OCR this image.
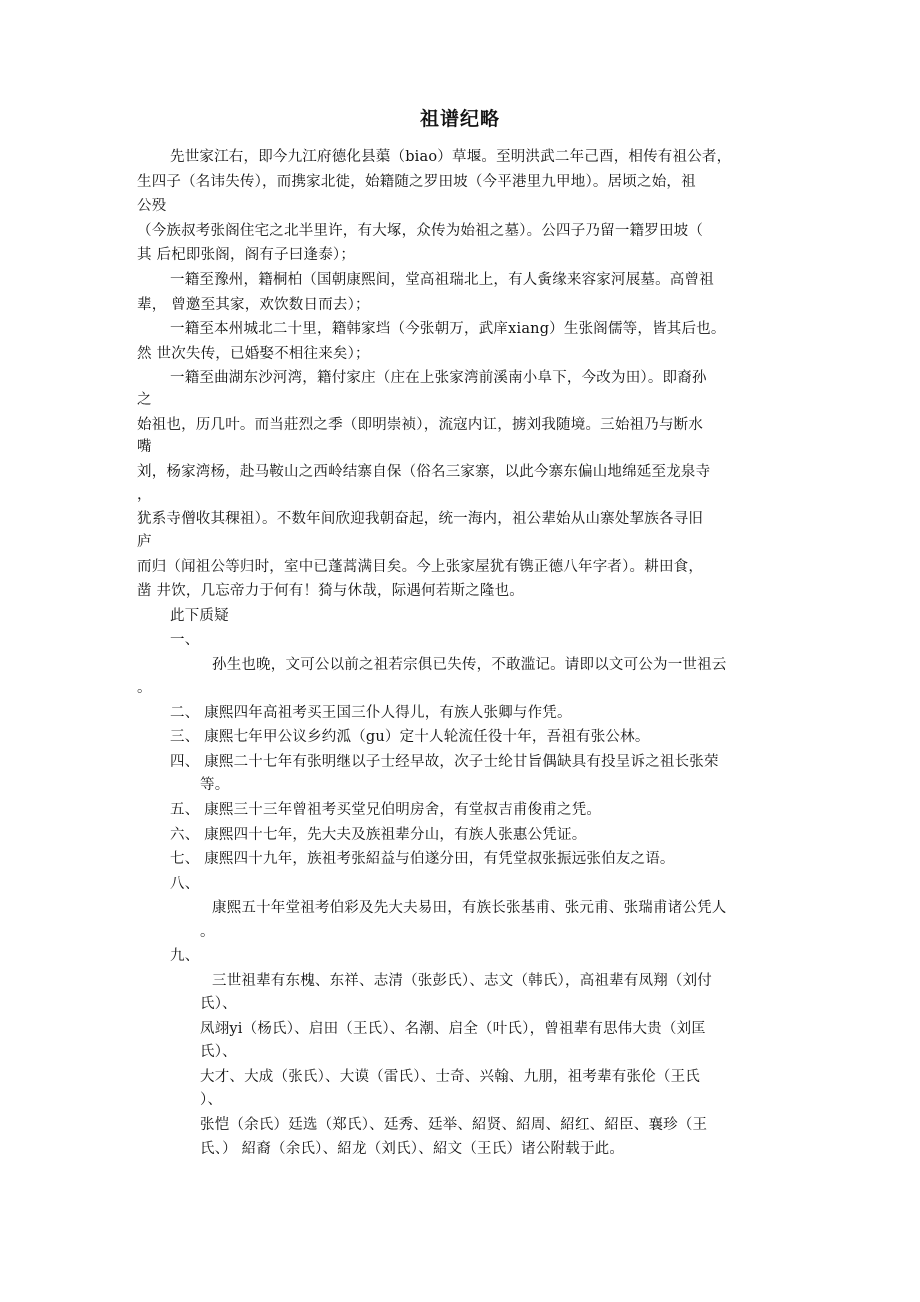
祖谱纪略
先世家江右，即今九江府德化县蕖（biao）草堰。至明洪武二年己酉，相传有祖公者，
生四子（名讳失传），而携家北徙，始籍随之罗田坡（今平港里九甲地）。居顷之始，祖
公殁
（今族叔考张阁住宅之北半里许，有大塚，众传为始祖之墓）。公四子乃留一籍罗田坡（
其 后杞即张阁，阁有子曰逢泰）；
一籍至豫州，籍桐柏（国朝康熙间，堂高祖瑞北上，有人夤缘来容家河展墓。高曾祖
辈， 曾邀至其家，欢饮数日而去）；
一籍至本州城北二十里，籍韩家垱（今张朝万，武庠xiang）生张阁儒等，皆其后也。
然 世次失传，已婚娶不相往来矣）；
一籍至曲湖东沙河湾，籍付家庄（庄在上张家湾前溪南小阜下，今改为田）。即裔孙
之
始祖也，历几叶。而当莊烈之季（即明崇祯），流寇内讧，掳刘我随境。三始祖乃与断水
嘴
刘，杨家湾杨，赴马鞍山之西岭结寨自保（俗名三家寨，以此今寨东偏山地绵延至龙泉寺
，
犹系寺僧收其稞祖）。不数年间欣迎我朝奋起，统一海内，祖公辈始从山寨处挈族各寻旧
庐
而归（闻祖公等归时，室中已蓬蒿满目矣。今上张家屋犹有镌正德八年字者）。耕田食，
凿 井饮，几忘帝力于何有！猗与休哉，际遇何若斯之隆也。
此下质疑
一、
孙生也晚，文可公以前之祖若宗俱已失传，不敢滥记。请即以文可公为一世祖云
。
二、 康熙四年高祖考买王国三仆人得儿，有族人张卿与作凭。
三、 康熙七年甲公议乡约泒（gu）定十人轮流任役十年，吾祖有张公林。
四、 康熙二十七年有张明继以子士经早故，次子士纶甘旨偶缺具有投呈诉之祖长张荣
等。
五、 康熙三十三年曾祖考买堂兄伯明房舍，有堂叔吉甫俊甫之凭。
六、 康熙四十七年，先大夫及族祖辈分山，有族人张惠公凭证。
七、 康熙四十九年，族祖考张紹益与伯遂分田，有凭堂叔张振远张伯友之语。
八、
康熙五十年堂祖考伯彩及先大夫易田，有族长张基甫、张元甫、张瑞甫诸公凭人
。
九、
三世祖辈有东槐、东祥、志清（张彭氏）、志文（韩氏），高祖辈有凤翔（刘付
氏）、
凤翊yi（杨氏）、启田（王氏）、名潮、启全（叶氏），曾祖辈有思伟大贵（刘匡
氏）、
大才、大成（张氏）、大谟（雷氏）、士奇、兴翰、九朋，祖考辈有张伦（王氏
）、
张恺（余氏）廷选（郑氏）、廷秀、廷举、紹贤、紹周、紹红、紹臣、襄珍（王
氏、） 紹裔（余氏）、紹龙（刘氏）、紹文（王氏）诸公附载于此。
